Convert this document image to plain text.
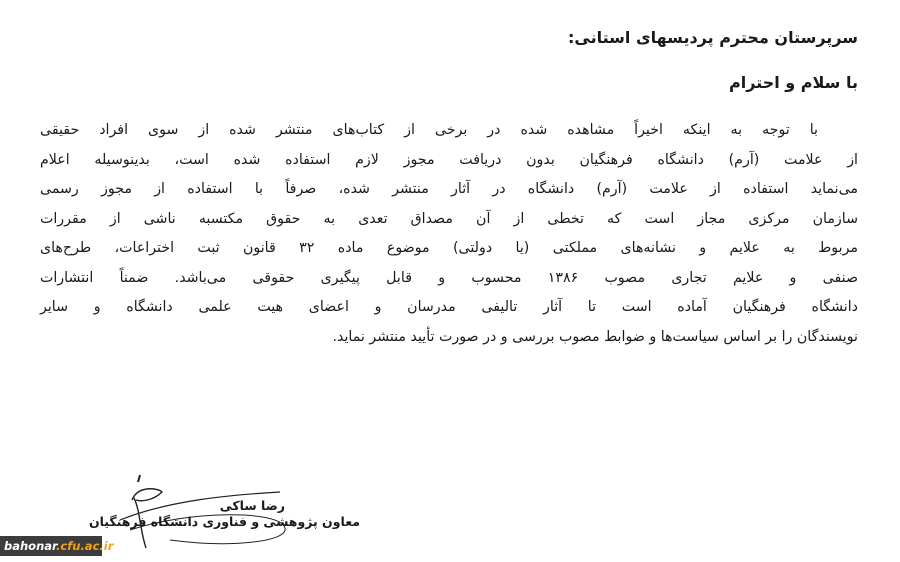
سرپرستان محترم پردیسهای استانی:
با سلام و احترام
با توجه به اینکه اخیراً مشاهده شده در برخی از کتاب‌های منتشر شده از سوی افراد حقیقی
از علامت (آرم) دانشگاه فرهنگیان بدون دریافت مجوز لازم استفاده شده است، بدینوسیله اعلام
می‌نماید استفاده از علامت (آرم) دانشگاه در آثار منتشر شده، صرفاً با استفاده از مجوز رسمی
سازمان مرکزی مجاز است که تخطی از آن مصداق تعدی به حقوق مکتسبه ناشی از مقررات
مربوط به علایم و نشانه‌های مملکتی (یا دولتی) موضوع ماده ۳۲ قانون ثبت اختراعات، طرح‌های
صنفی و علایم تجاری مصوب ۱۳۸۶ محسوب و قابل پیگیری حقوقی می‌باشد. ضمناً انتشارات
دانشگاه فرهنگیان آماده است تا آثار تالیفی مدرسان و اعضای هیت علمی دانشگاه و سایر
نویسندگان را بر اساس سیاست‌ها و ضوابط مصوب بررسی و در صورت تأیید منتشر نماید.
رضا ساکی
معاون پژوهشی و فناوری دانشگاه فرهنگیان
bahonar.cfu.ac.ir
